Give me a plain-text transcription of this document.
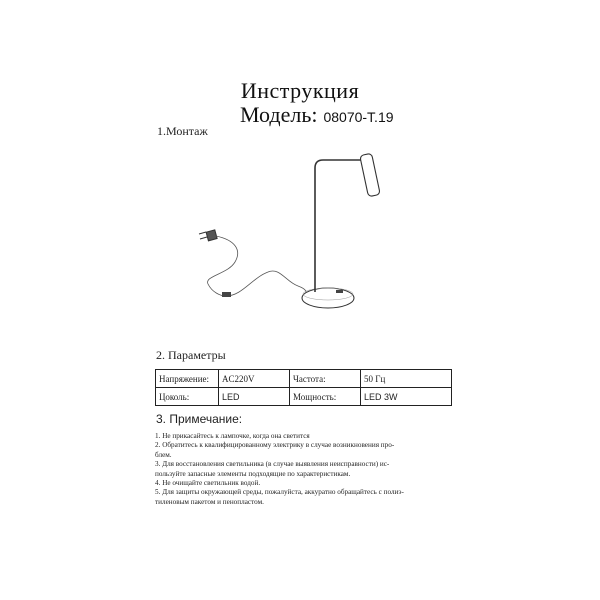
Инструкция
Модель: 08070-T.19
1.Монтаж
2. Параметры
Напряжение:	AC220V	Частота:	50 Гц
Цоколь:	LED	Мощность:	LED 3W
3. Примечание:
1. Не прикасайтесь к лампочке, когда она светится
2. Обратитесь к квалифицированному электрику в случае возникновения про-
блем.
3. Для восстановления светильника (в случае выявления неисправности) ис-
пользуйте запасные элементы подходящие по характеристикам.
4. Не очищайте светильник водой.
5. Для защиты окружающей среды, пожалуйста, аккуратно обращайтесь с полиэ-
тиленовым пакетом и пенопластом.
